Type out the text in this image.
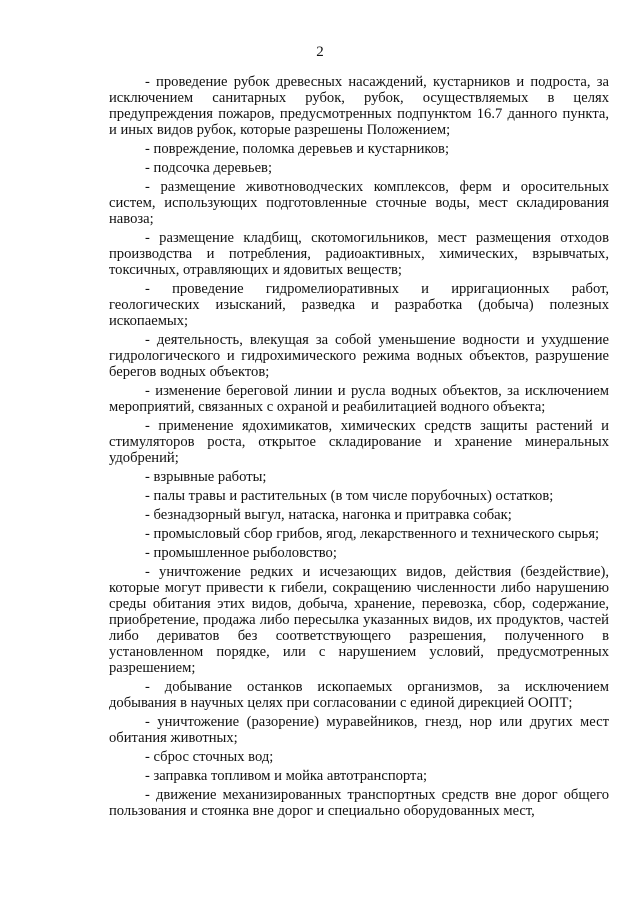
2

- проведение рубок древесных насаждений, кустарников и подроста, за исключением санитарных рубок, рубок, осуществляемых в целях предупреждения пожаров, предусмотренных подпунктом 16.7 данного пункта, и иных видов рубок, которые разрешены Положением;

- повреждение, поломка деревьев и кустарников;

- подсочка деревьев;

- размещение животноводческих комплексов, ферм и оросительных систем, использующих подготовленные сточные воды, мест складирования навоза;

- размещение кладбищ, скотомогильников, мест размещения отходов производства и потребления, радиоактивных, химических, взрывчатых, токсичных, отравляющих и ядовитых веществ;

- проведение гидромелиоративных и ирригационных работ, геологических изысканий, разведка и разработка (добыча) полезных ископаемых;

- деятельность, влекущая за собой уменьшение водности и ухудшение гидрологического и гидрохимического режима водных объектов, разрушение берегов водных объектов;

- изменение береговой линии и русла водных объектов, за исключением мероприятий, связанных с охраной и реабилитацией водного объекта;

- применение ядохимикатов, химических средств защиты растений и стимуляторов роста, открытое складирование и хранение минеральных удобрений;

- взрывные работы;

- палы травы и растительных (в том числе порубочных) остатков;

- безнадзорный выгул, натаска, нагонка и притравка собак;

- промысловый сбор грибов, ягод, лекарственного и технического сырья;

- промышленное рыболовство;

- уничтожение редких и исчезающих видов, действия (бездействие), которые могут привести к гибели, сокращению численности либо нарушению среды обитания этих видов, добыча, хранение, перевозка, сбор, содержание, приобретение, продажа либо пересылка указанных видов, их продуктов, частей либо дериватов без соответствующего разрешения, полученного в установленном порядке, или с нарушением условий, предусмотренных разрешением;

- добывание останков ископаемых организмов, за исключением добывания в научных целях при согласовании с единой дирекцией ООПТ;

- уничтожение (разорение) муравейников, гнезд, нор или других мест обитания животных;

- сброс сточных вод;

- заправка топливом и мойка автотранспорта;

- движение механизированных транспортных средств вне дорог общего пользования и стоянка вне дорог и специально оборудованных мест,
